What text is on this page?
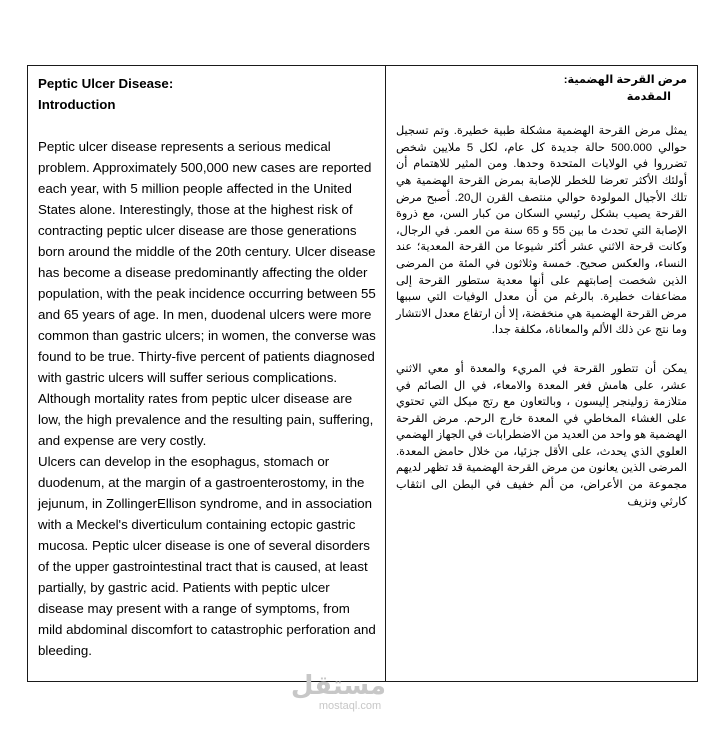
Peptic Ulcer Disease:
Introduction

Peptic ulcer disease represents a serious medical problem. Approximately 500,000 new cases are reported each year, with 5 million people affected in the United States alone. Interestingly, those at the highest risk of contracting peptic ulcer disease are those generations born around the middle of the 20th century. Ulcer disease has become a disease predominantly affecting the older population, with the peak incidence occurring between 55 and 65 years of age. In men, duodenal ulcers were more common than gastric ulcers; in women, the converse was found to be true. Thirty-five percent of patients diagnosed with gastric ulcers will suffer serious complications. Although mortality rates from peptic ulcer disease are low, the high prevalence and the resulting pain, suffering, and expense are very costly.

Ulcers can develop in the esophagus, stomach or duodenum, at the margin of a gastroenterostomy, in the jejunum, in ZollingerEllison syndrome, and in association with a Meckel's diverticulum containing ectopic gastric mucosa. Peptic ulcer disease is one of several disorders of the upper gastrointestinal tract that is caused, at least partially, by gastric acid. Patients with peptic ulcer disease may present with a range of symptoms, from mild abdominal discomfort to catastrophic perforation and bleeding.

مرض القرحة الهضمية:
المقدمة

يمثل مرض القرحة الهضمية مشكلة طبية خطيرة. وتم تسجيل حوالي 500.000 حالة جديدة كل عام، لكل 5 ملايين شخص تضرروا في الولايات المتحدة وحدها. ومن المثير للاهتمام أن أولئك الأكثر تعرضا للخطر للإصابة بمرض القرحة الهضمية هي تلك الأجيال المولودة حوالي منتصف القرن ال20. أصبح مرض القرحة يصيب بشكل رئيسي السكان من كبار السن، مع ذروة الإصابة التي تحدث ما بين 55 و 65 سنة من العمر. في الرجال، وكانت قرحة الاثني عشر أكثر شيوعا من القرحة المعدية؛ عند النساء، والعكس صحيح. خمسة وثلاثون في المئة من المرضى الذين شخصت إصابتهم على أنها معدية ستطور القرحة إلى مضاعفات خطيرة. بالرغم من أن معدل الوفيات التي سببها مرض القرحة الهضمية هي منخفضة، إلا أن ارتفاع معدل الانتشار وما نتج عن ذلك الألم والمعاناة، مكلفة جدا.

يمكن أن تتطور القرحة في المريء والمعدة أو معي الاثني عشر، على هامش فغر المعدة والامعاء، في ال الصائم في متلازمة زولينجر إليسون ، وبالتعاون مع رتج ميكل التي تحتوي على الغشاء المخاطي في المعدة خارج الرحم. مرض القرحة الهضمية هو واحد من العديد من الاضطرابات في الجهاز الهضمي العلوي الذي يحدث، على الأقل جزئيا، من خلال حامض المعدة. المرضى الذين يعانون من مرض القرحة الهضمية قد تظهر لديهم مجموعة من الأعراض، من ألم خفيف في البطن الى انثقاب كارثي ونزيف

مستقل
mostaql.com
